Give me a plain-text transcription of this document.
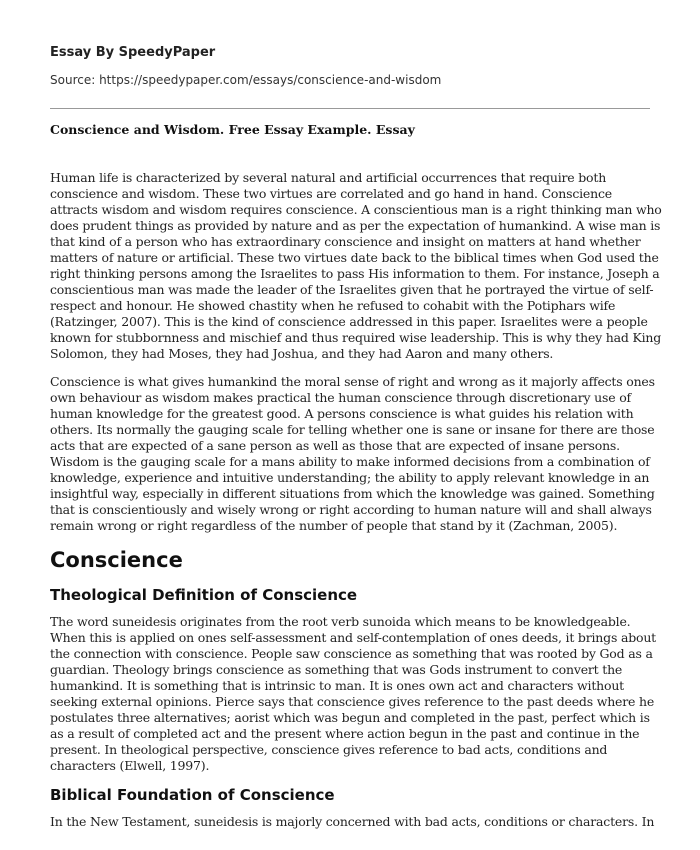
Essay By SpeedyPaper
Source: https://speedypaper.com/essays/conscience-and-wisdom
Conscience and Wisdom. Free Essay Example. Essay

Human life is characterized by several natural and artificial occurrences that require both conscience and wisdom. These two virtues are correlated and go hand in hand. Conscience attracts wisdom and wisdom requires conscience. A conscientious man is a right thinking man who does prudent things as provided by nature and as per the expectation of humankind. A wise man is that kind of a person who has extraordinary conscience and insight on matters at hand whether matters of nature or artificial. These two virtues date back to the biblical times when God used the right thinking persons among the Israelites to pass His information to them. For instance, Joseph a conscientious man was made the leader of the Israelites given that he portrayed the virtue of self-respect and honour. He showed chastity when he refused to cohabit with the Potiphars wife (Ratzinger, 2007). This is the kind of conscience addressed in this paper. Israelites were a people known for stubbornness and mischief and thus required wise leadership. This is why they had King Solomon, they had Moses, they had Joshua, and they had Aaron and many others.

Conscience is what gives humankind the moral sense of right and wrong as it majorly affects ones own behaviour as wisdom makes practical the human conscience through discretionary use of human knowledge for the greatest good. A persons conscience is what guides his relation with others. Its normally the gauging scale for telling whether one is sane or insane for there are those acts that are expected of a sane person as well as those that are expected of insane persons. Wisdom is the gauging scale for a mans ability to make informed decisions from a combination of knowledge, experience and intuitive understanding; the ability to apply relevant knowledge in an insightful way, especially in different situations from which the knowledge was gained. Something that is conscientiously and wisely wrong or right according to human nature will and shall always remain wrong or right regardless of the number of people that stand by it (Zachman, 2005).

Conscience
Theological Definition of Conscience

The word suneidesis originates from the root verb sunoida which means to be knowledgeable. When this is applied on ones self-assessment and self-contemplation of ones deeds, it brings about the connection with conscience. People saw conscience as something that was rooted by God as a guardian. Theology brings conscience as something that was Gods instrument to convert the humankind. It is something that is intrinsic to man. It is ones own act and characters without seeking external opinions. Pierce says that conscience gives reference to the past deeds where he postulates three alternatives; aorist which was begun and completed in the past, perfect which is as a result of completed act and the present where action begun in the past and continue in the present. In theological perspective, conscience gives reference to bad acts, conditions and characters (Elwell, 1997).

Biblical Foundation of Conscience

In the New Testament, suneidesis is majorly concerned with bad acts, conditions or characters. In
